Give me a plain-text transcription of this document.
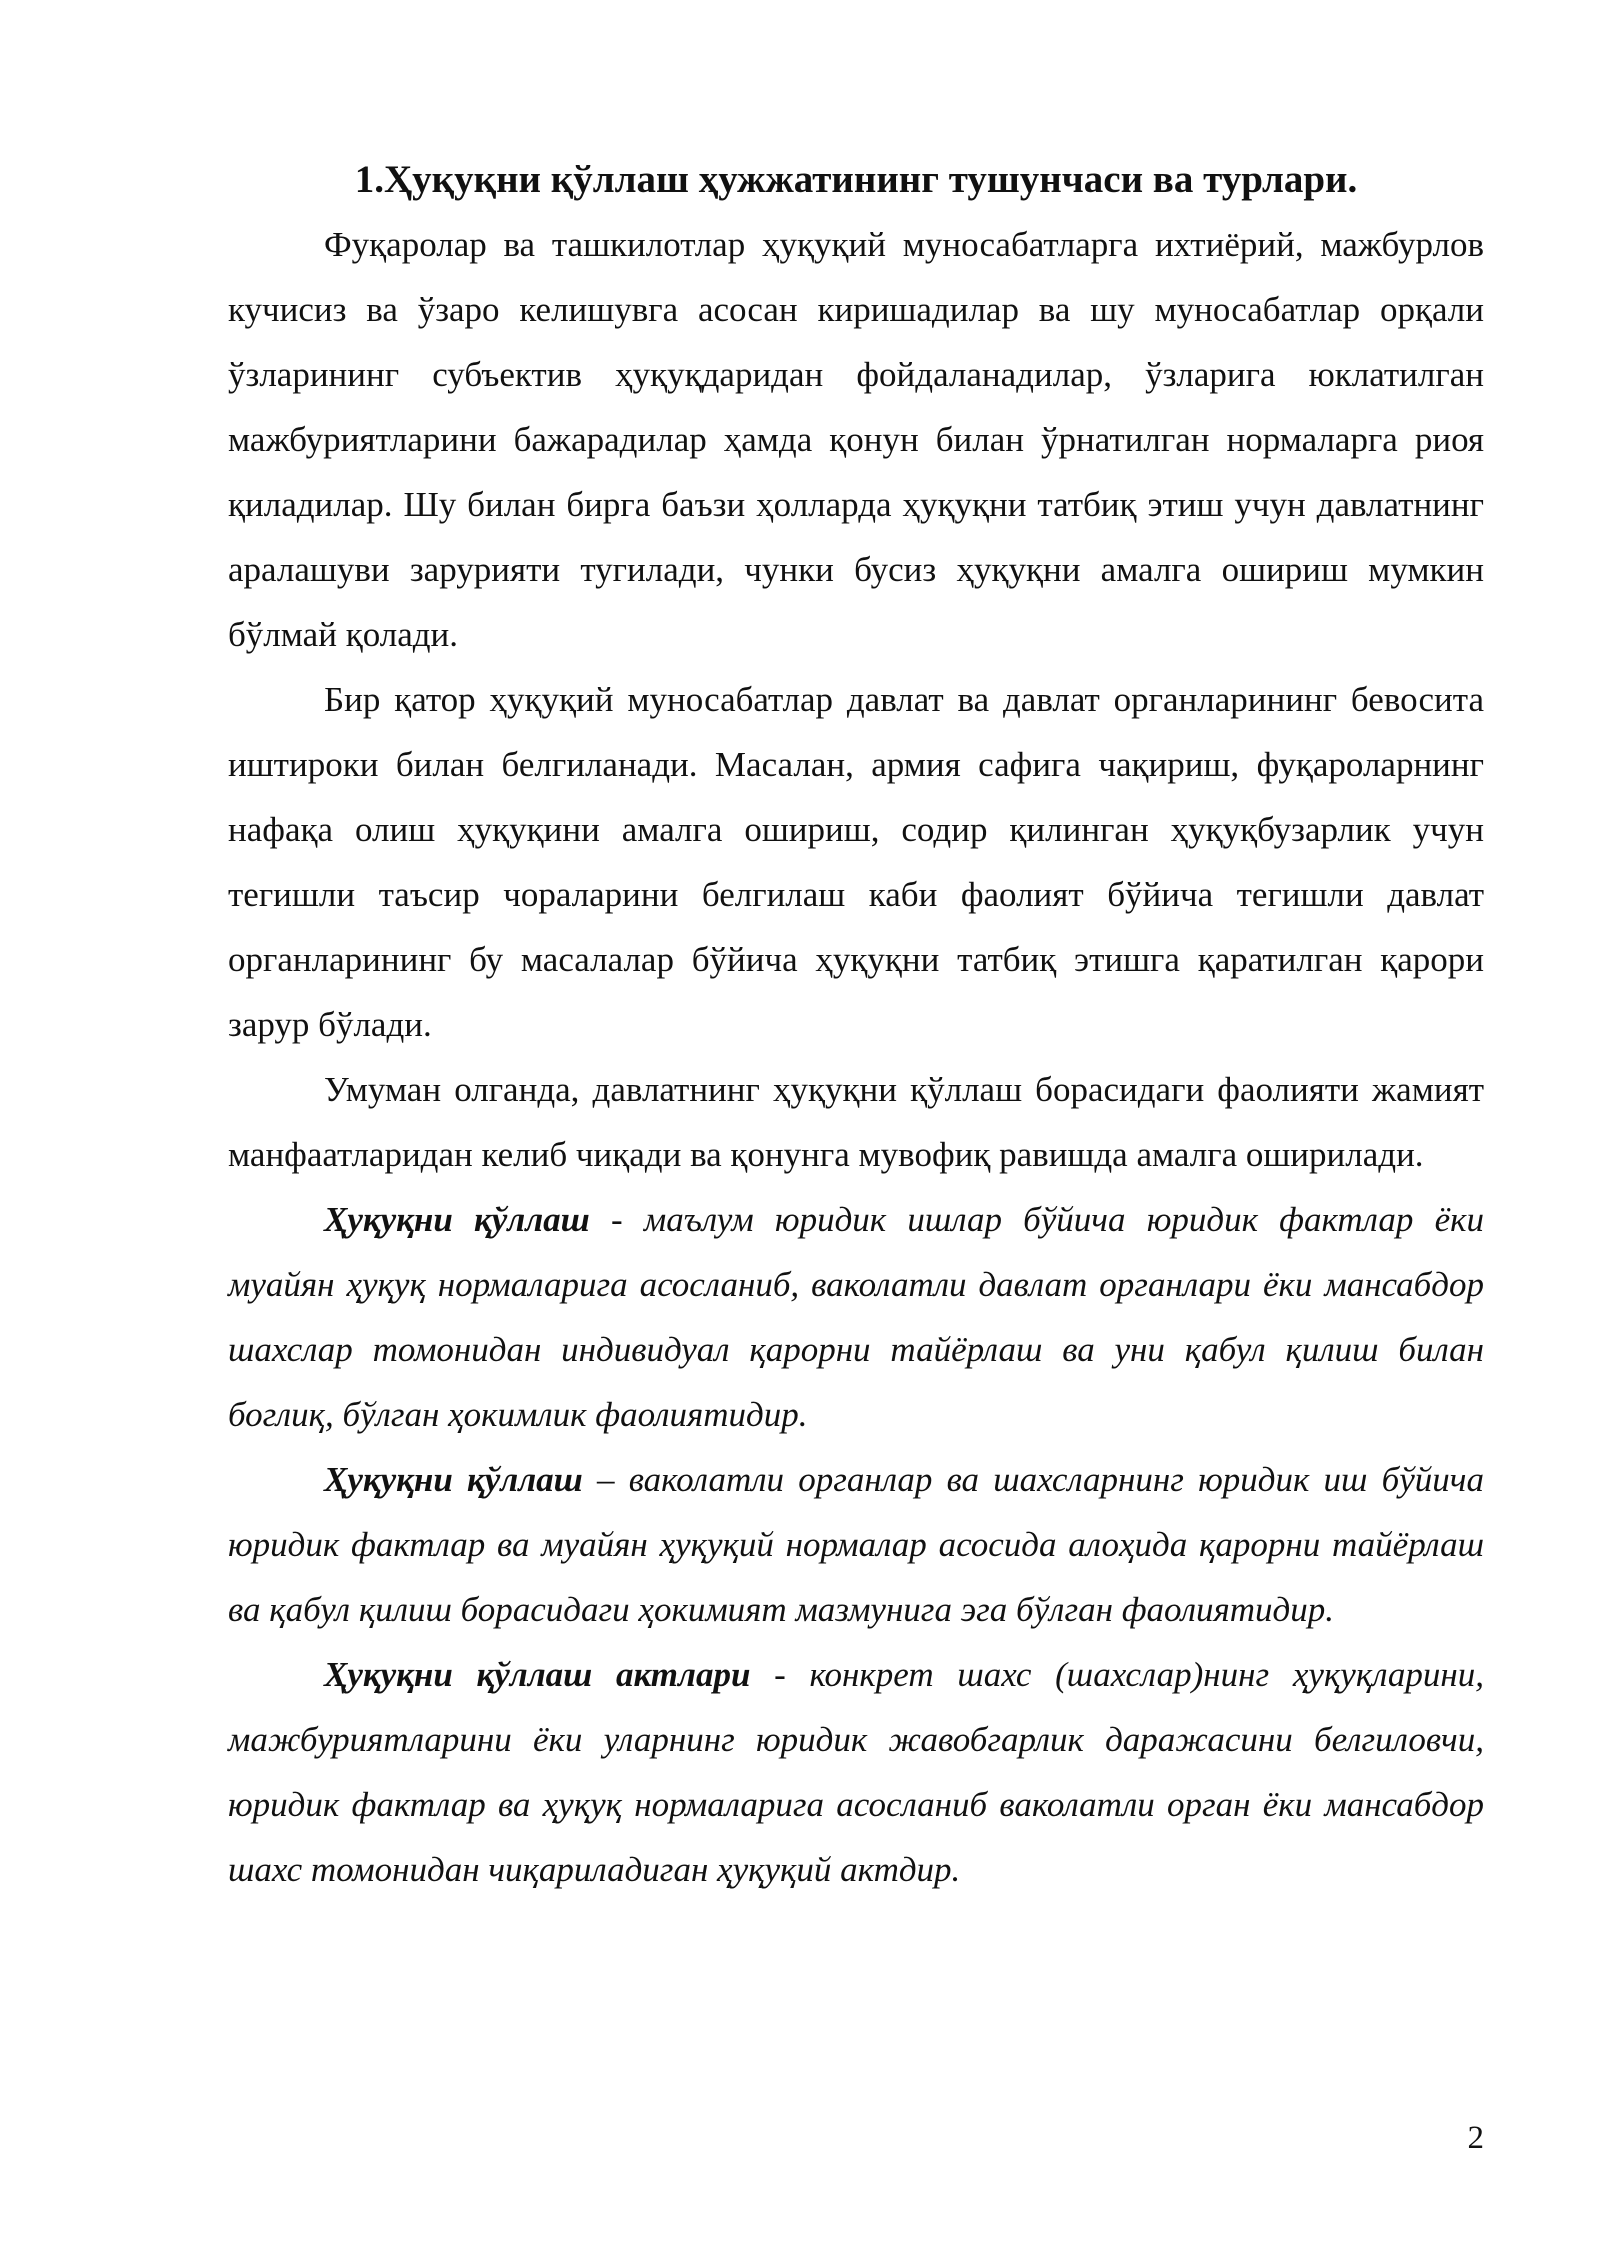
1.Ҳуқуқни қўллаш ҳужжатининг тушунчаси ва турлари.

Фуқаролар ва ташкилотлар ҳуқуқий муносабатларга ихтиёрий, мажбурлов кучисиз ва ўзаро келишувга асосан киришадилар ва шу муносабатлар орқали ўзларининг субъектив ҳуқуқдаридан фойдаланадилар, ўзларига юклатилган мажбуриятларини бажарадилар ҳамда қонун билан ўрнатилган нормаларга риоя қиладилар. Шу билан бирга баъзи ҳолларда ҳуқуқни татбиқ этиш учун давлатнинг аралашуви зарурияти тугилади, чунки бусиз ҳуқуқни амалга ошириш мумкин бўлмай қолади.

Бир қатор ҳуқуқий муносабатлар давлат ва давлат органларининг бевосита иштироки билан белгиланади. Масалан, армия сафига чақириш, фуқароларнинг нафақа олиш ҳуқуқини амалга ошириш, содир қилинган ҳуқуқбузарлик учун тегишли таъсир чораларини белгилаш каби фаолият бўйича тегишли давлат органларининг бу масалалар бўйича ҳуқуқни татбиқ этишга қаратилган қарори зарур бўлади.

Умуман олганда, давлатнинг ҳуқуқни қўллаш борасидаги фаолияти жамият манфаатларидан келиб чиқади ва қонунга мувофиқ равишда амалга оширилади.

Ҳуқуқни қўллаш - маълум юридик ишлар бўйича юридик фактлар ёки муайян ҳуқуқ нормаларига асосланиб, ваколатли давлат органлари ёки мансабдор шахслар томонидан индивидуал қарорни тайёрлаш ва уни қабул қилиш билан боглиқ, бўлган ҳокимлик фаолиятидир.

Ҳуқуқни қўллаш – ваколатли органлар ва шахсларнинг юридик иш бўйича юридик фактлар ва муайян ҳуқуқий нормалар асосида алоҳида қарорни тайёрлаш ва қабул қилиш борасидаги ҳокимият мазмунига эга бўлган фаолиятидир.

Ҳуқуқни қўллаш актлари - конкрет шахс (шахслар)нинг ҳуқуқларини, мажбуриятларини ёки уларнинг юридик жавобгарлик даражасини белгиловчи, юридик фактлар ва ҳуқуқ нормаларига асосланиб ваколатли орган ёки мансабдор шахс томонидан чиқариладиган ҳуқуқий актдир.

2
